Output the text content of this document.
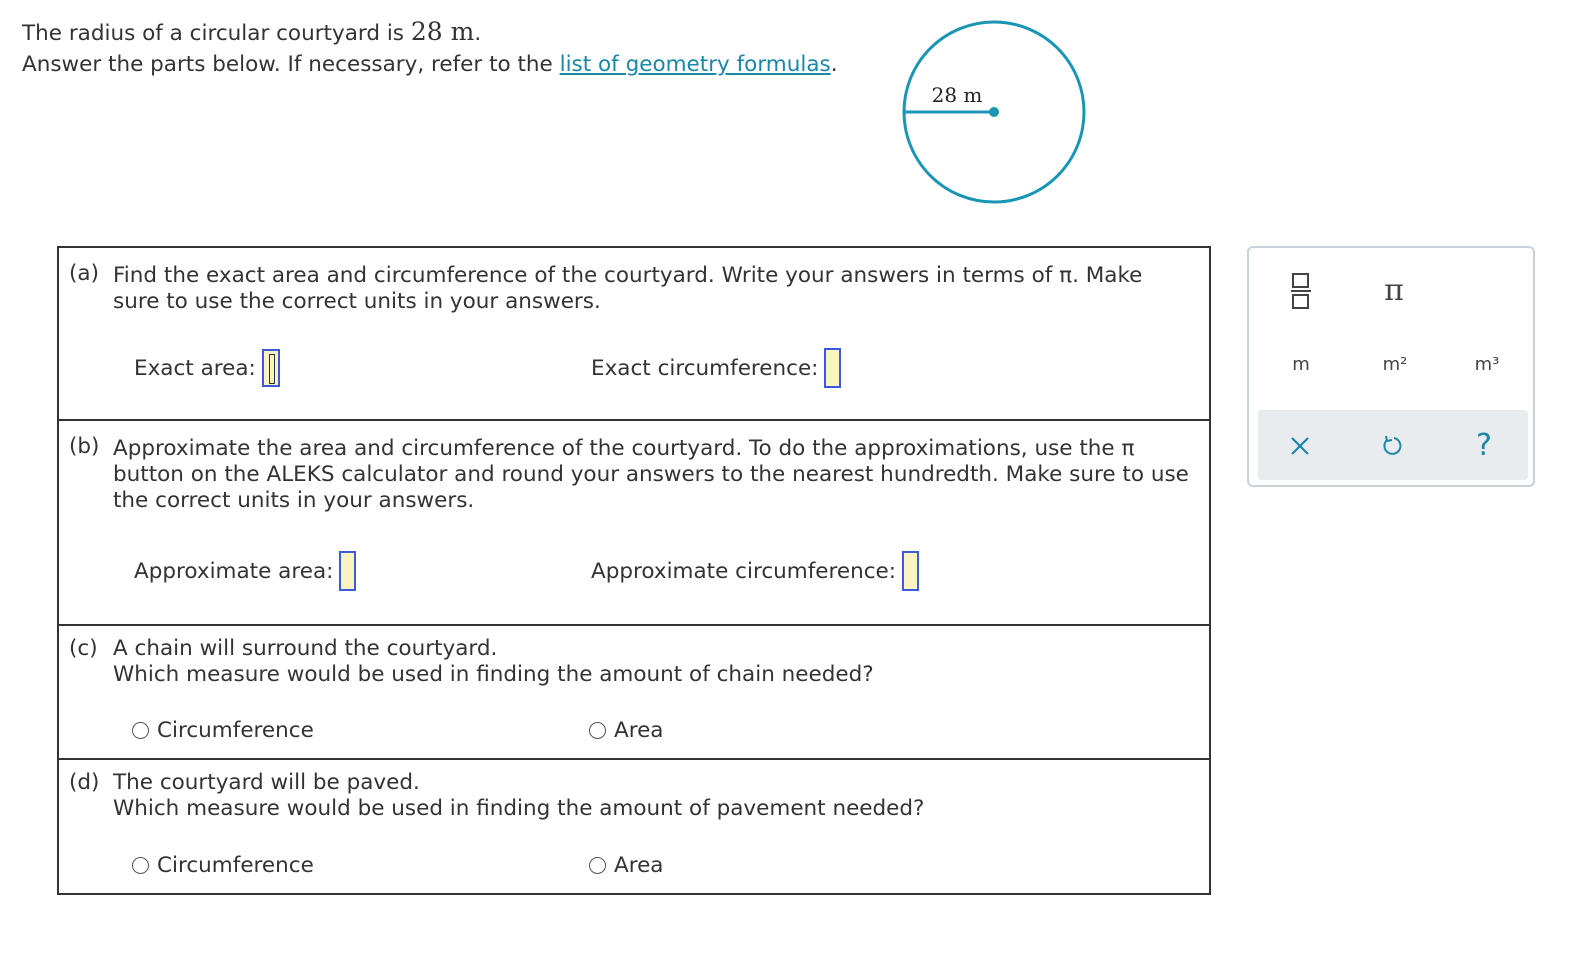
The radius of a circular courtyard is 28 m.
Answer the parts below. If necessary, refer to the list of geometry formulas.
28 m
(a) Find the exact area and circumference of the courtyard. Write your answers in terms of π. Make sure to use the correct units in your answers.
Exact area:	Exact circumference:
(b) Approximate the area and circumference of the courtyard. To do the approximations, use the π button on the ALEKS calculator and round your answers to the nearest hundredth. Make sure to use the correct units in your answers.
Approximate area:	Approximate circumference:
(c) A chain will surround the courtyard.
Which measure would be used in finding the amount of chain needed?
Circumference	Area
(d) The courtyard will be paved.
Which measure would be used in finding the amount of pavement needed?
Circumference	Area
π
m	m²	m³
?
